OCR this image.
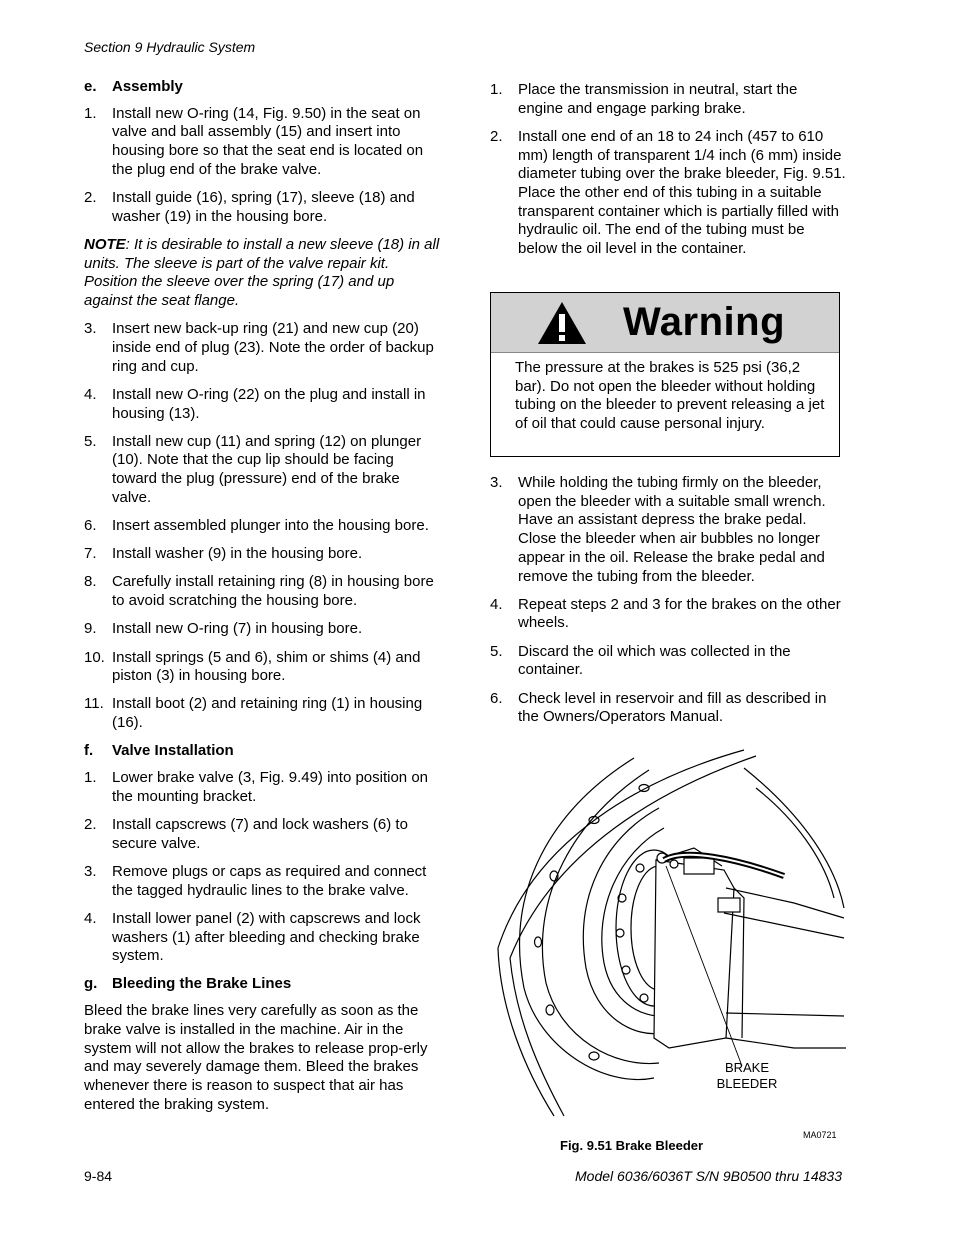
Section 9 Hydraulic System
e.	Assembly
1.	Install new O-ring (14, Fig. 9.50) in the seat on valve and ball assembly (15) and insert into housing bore so that the seat end is located on the plug end of the brake valve.
2.	Install guide (16), spring (17), sleeve (18) and washer (19) in the housing bore.
NOTE: It is desirable to install a new sleeve (18) in all units. The sleeve is part of the valve repair kit. Position the sleeve over the spring (17) and up against the seat flange.
3.	Insert new back-up ring (21) and new cup (20) inside end of plug (23). Note the order of backup ring and cup.
4.	Install new O-ring (22) on the plug and install in housing (13).
5.	Install new cup (11) and spring (12) on plunger (10). Note that the cup lip should be facing toward the plug (pressure) end of the brake valve.
6.	Insert assembled plunger into the housing bore.
7.	Install washer (9) in the housing bore.
8.	Carefully install retaining ring (8) in housing bore to avoid scratching the housing bore.
9.	Install new O-ring (7) in housing bore.
10. Install springs (5 and 6), shim or shims (4) and piston (3) in housing bore.
11. Install boot (2) and retaining ring (1) in housing (16).
f.	Valve Installation
1.	Lower brake valve (3, Fig. 9.49) into position on the mounting bracket.
2.	Install capscrews (7) and lock washers (6) to secure valve.
3.	Remove plugs or caps as required and connect the tagged hydraulic lines to the brake valve.
4.	Install lower panel (2) with capscrews and lock washers (1) after bleeding and checking brake system.
g. Bleeding the Brake Lines

Bleed the brake lines very carefully as soon as the brake valve is installed in the machine. Air in the system will not allow the brakes to release prop-erly and may severely damage them. Bleed the brakes whenever there is reason to suspect that air has entered the braking system.

1.	Place the transmission in neutral, start the engine and engage parking brake.
2.	Install one end of an 18 to 24 inch (457 to 610 mm) length of transparent 1/4 inch (6 mm) inside diameter tubing over the brake bleeder, Fig. 9.51. Place the other end of this tubing in a suitable transparent container which is partially filled with hydraulic oil. The end of the tubing must be below the oil level in the container.
Warning
The pressure at the brakes is 525 psi (36,2 bar). Do not open the bleeder without holding tubing on the bleeder to prevent releasing a jet of oil that could cause personal injury.
3.	While holding the tubing firmly on the bleeder, open the bleeder with a suitable small wrench. Have an assistant depress the brake pedal. Close the bleeder when air bubbles no longer appear in the oil. Release the brake pedal and remove the tubing from the bleeder.
4.	Repeat steps 2 and 3 for the brakes on the other wheels.
5.	Discard the oil which was collected in the container.
6.	Check level in reservoir and fill as described in the Owners/Operators Manual.
BRAKE
BLEEDER
MA0721
Fig. 9.51 Brake Bleeder
9-84	Model 6036/6036T S/N 9B0500 thru 14833
